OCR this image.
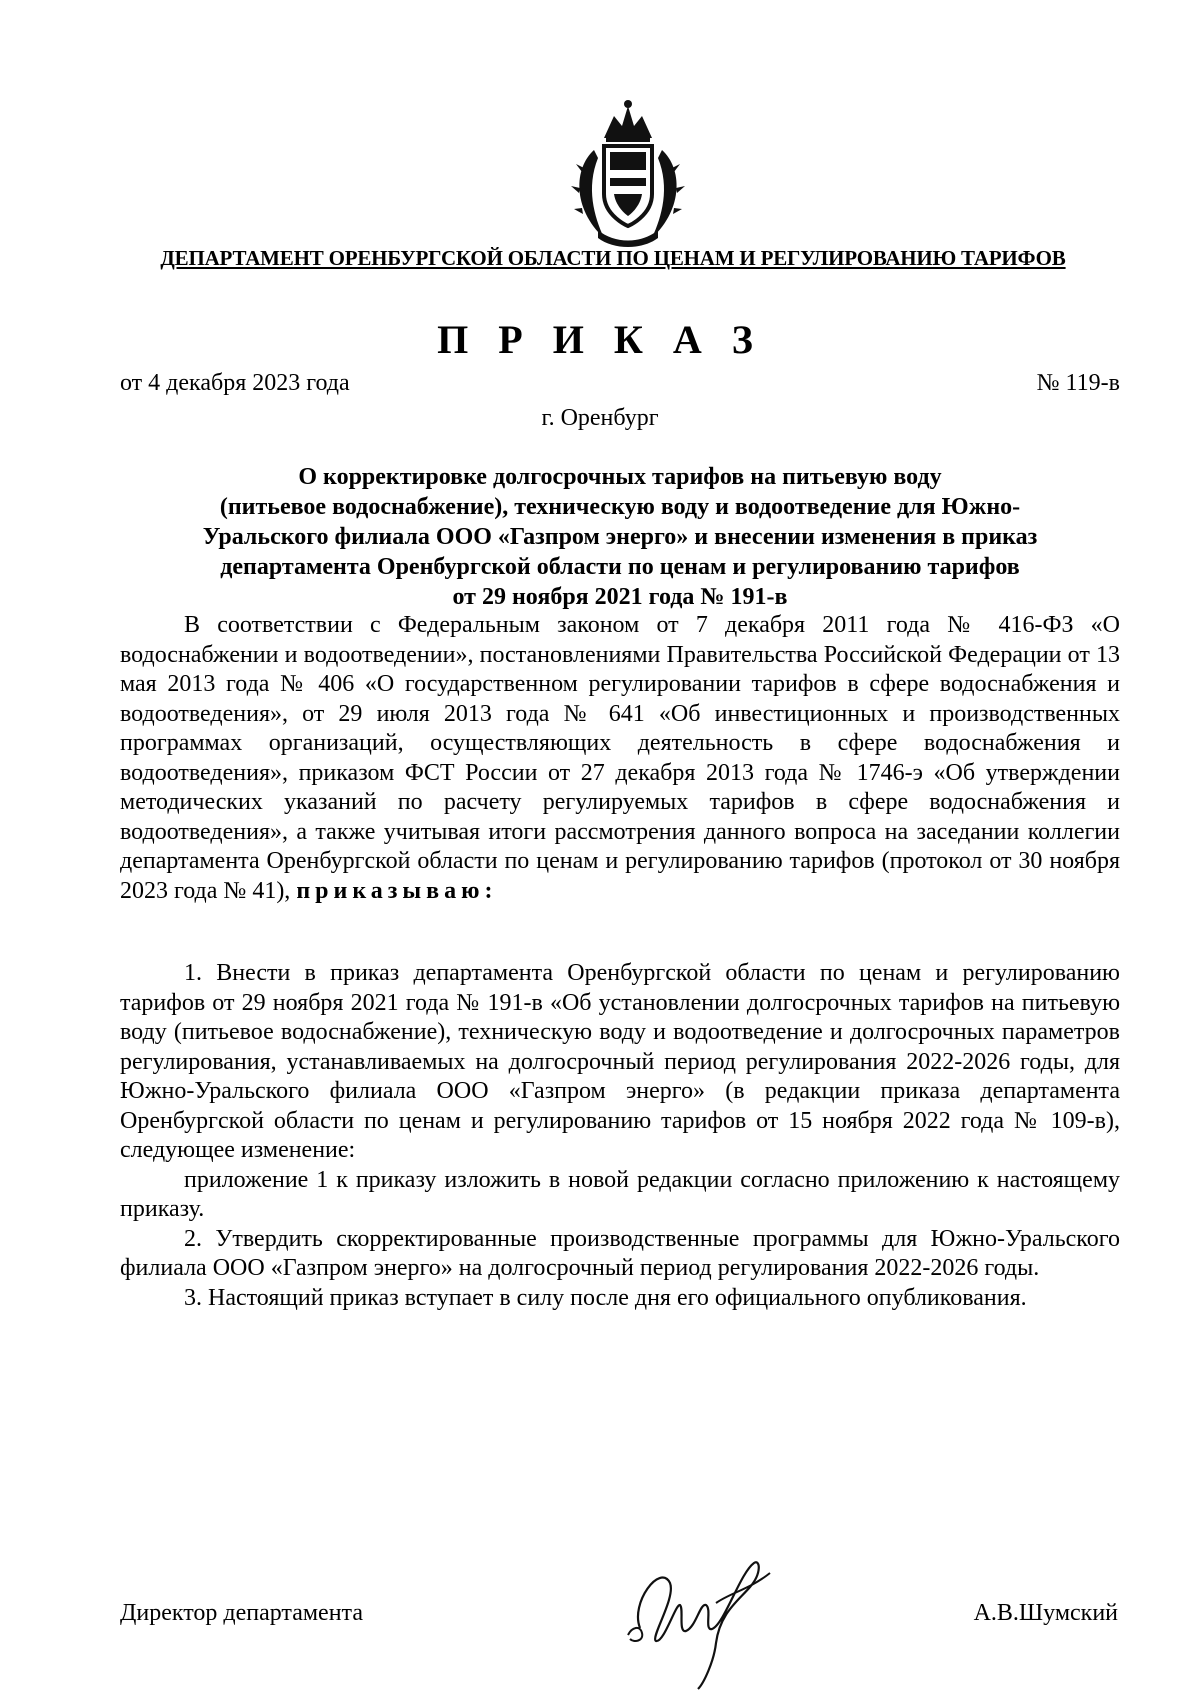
ДЕПАРТАМЕНТ ОРЕНБУРГСКОЙ ОБЛАСТИ ПО ЦЕНАМ И РЕГУЛИРОВАНИЮ ТАРИФОВ
П Р И К А З
от 4 декабря 2023 года	№ 119-в
г. Оренбург
О корректировке долгосрочных тарифов на питьевую воду
(питьевое водоснабжение), техническую воду и водоотведение для Южно-
Уральского филиала ООО «Газпром энерго» и внесении изменения в приказ
департамента Оренбургской области по ценам и регулированию тарифов
от 29 ноября 2021 года № 191-в

В соответствии с Федеральным законом от 7 декабря 2011 года № 416-ФЗ «О водоснабжении и водоотведении», постановлениями Правительства Российской Федерации от 13 мая 2013 года № 406 «О государственном регулировании тарифов в сфере водоснабжения и водоотведения», от 29 июля 2013 года № 641 «Об инвестиционных и производственных программах организаций, осуществляющих деятельность в сфере водоснабжения и водоотведения», приказом ФСТ России от 27 декабря 2013 года № 1746-э «Об утверждении методических указаний по расчету регулируемых тарифов в сфере водоснабжения и водоотведения», а также учитывая итоги рассмотрения данного вопроса на заседании коллегии департамента Оренбургской области по ценам и регулированию тарифов (протокол от 30 ноября 2023 года № 41), приказываю:

1. Внести в приказ департамента Оренбургской области по ценам и регулированию тарифов от 29 ноября 2021 года № 191-в «Об установлении долгосрочных тарифов на питьевую воду (питьевое водоснабжение), техническую воду и водоотведение и долгосрочных параметров регулирования, устанавливаемых на долгосрочный период регулирования 2022-2026 годы, для Южно-Уральского филиала ООО «Газпром энерго» (в редакции приказа департамента Оренбургской области по ценам и регулированию тарифов от 15 ноября 2022 года № 109-в), следующее изменение:

приложение 1 к приказу изложить в новой редакции согласно приложению к настоящему приказу.

2. Утвердить скорректированные производственные программы для Южно-Уральского филиала ООО «Газпром энерго» на долгосрочный период регулирования 2022-2026 годы.

3. Настоящий приказ вступает в силу после дня его официального опубликования.

Директор департамента	А.В.Шумский
